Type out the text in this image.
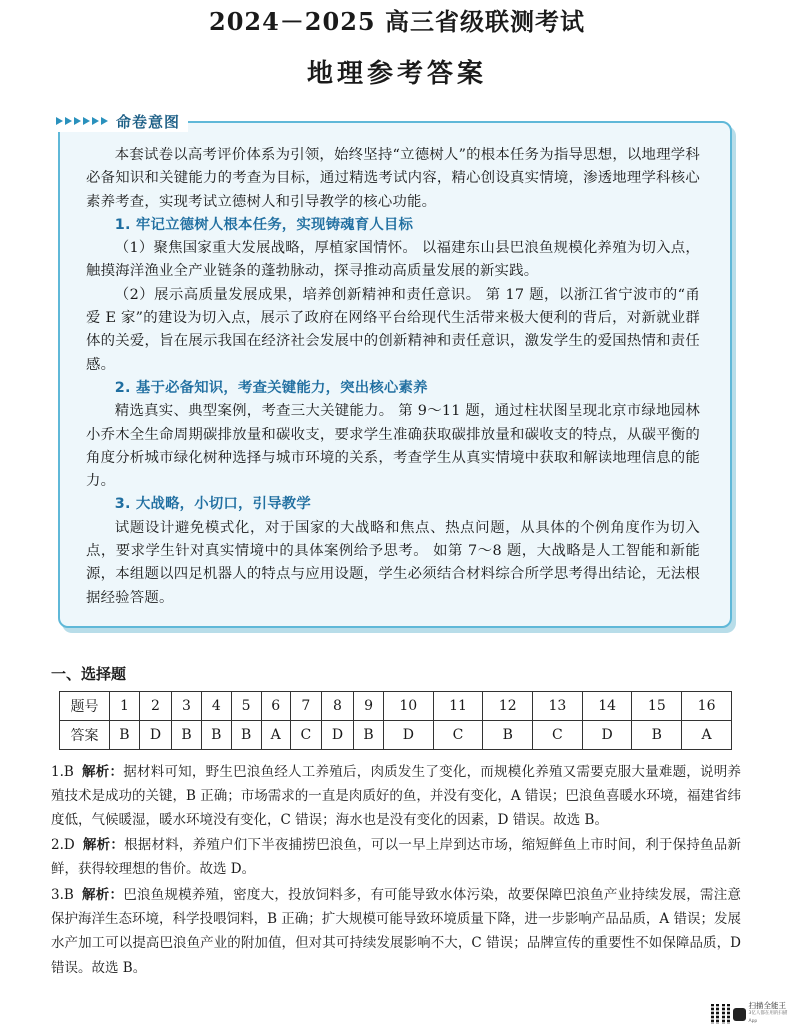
2024－2025 高三省级联测考试
地理参考答案
命卷意图

本套试卷以高考评价体系为引领，始终坚持“立德树人”的根本任务为指导思想，以地理学科必备知识和关键能力的考查为目标，通过精选考试内容，精心创设真实情境，渗透地理学科核心素养考查，实现考试立德树人和引导教学的核心功能。

1. 牢记立德树人根本任务，实现铸魂育人目标

（1）聚焦国家重大发展战略，厚植家国情怀。 以福建东山县巴浪鱼规模化养殖为切入点，触摸海洋渔业全产业链条的蓬勃脉动，探寻推动高质量发展的新实践。

（2）展示高质量发展成果，培养创新精神和责任意识。 第 17 题，以浙江省宁波市的“甬爱 E 家”的建设为切入点，展示了政府在网络平台给现代生活带来极大便利的背后，对新就业群体的关爱，旨在展示我国在经济社会发展中的创新精神和责任意识，激发学生的爱国热情和责任感。

2. 基于必备知识，考查关键能力，突出核心素养

精选真实、典型案例，考查三大关键能力。 第 9～11 题，通过柱状图呈现北京市绿地园林小乔木全生命周期碳排放量和碳收支，要求学生准确获取碳排放量和碳收支的特点，从碳平衡的角度分析城市绿化树种选择与城市环境的关系，考查学生从真实情境中获取和解读地理信息的能力。

3. 大战略，小切口，引导教学

试题设计避免模式化，对于国家的大战略和焦点、热点问题，从具体的个例角度作为切入点，要求学生针对真实情境中的具体案例给予思考。 如第 7～8 题，大战略是人工智能和新能源，本组题以四足机器人的特点与应用设题，学生必须结合材料综合所学思考得出结论，无法根据经验答题。

一、选择题
题号	1	2	3	4	5	6	7	8	9	10	11	12	13	14	15	16
答案	B	D	B	B	B	A	C	D	B	D	C	B	C	D	B	A
1.B 解析：据材料可知，野生巴浪鱼经人工养殖后，肉质发生了变化，而规模化养殖又需要克服大量难题，说明养殖技术是成功的关键，B 正确；市场需求的一直是肉质好的鱼，并没有变化，A 错误；巴浪鱼喜暖水环境，福建省纬度低，气候暖湿，暖水环境没有变化，C 错误；海水也是没有变化的因素，D 错误。故选 B。
2.D 解析：根据材料，养殖户们下半夜捕捞巴浪鱼，可以一早上岸到达市场，缩短鲜鱼上市时间，利于保持鱼品新鲜，获得较理想的售价。故选 D。
3.B 解析：巴浪鱼规模养殖，密度大，投放饲料多，有可能导致水体污染，故要保障巴浪鱼产业持续发展，需注意保护海洋生态环境，科学投喂饲料，B 正确；扩大规模可能导致环境质量下降，进一步影响产品品质，A 错误；发展水产加工可以提高巴浪鱼产业的附加值，但对其可持续发展影响不大，C 错误；品牌宣传的重要性不如保障品质，D 错误。故选 B。
扫描全能王
3亿人都在用的扫描App
